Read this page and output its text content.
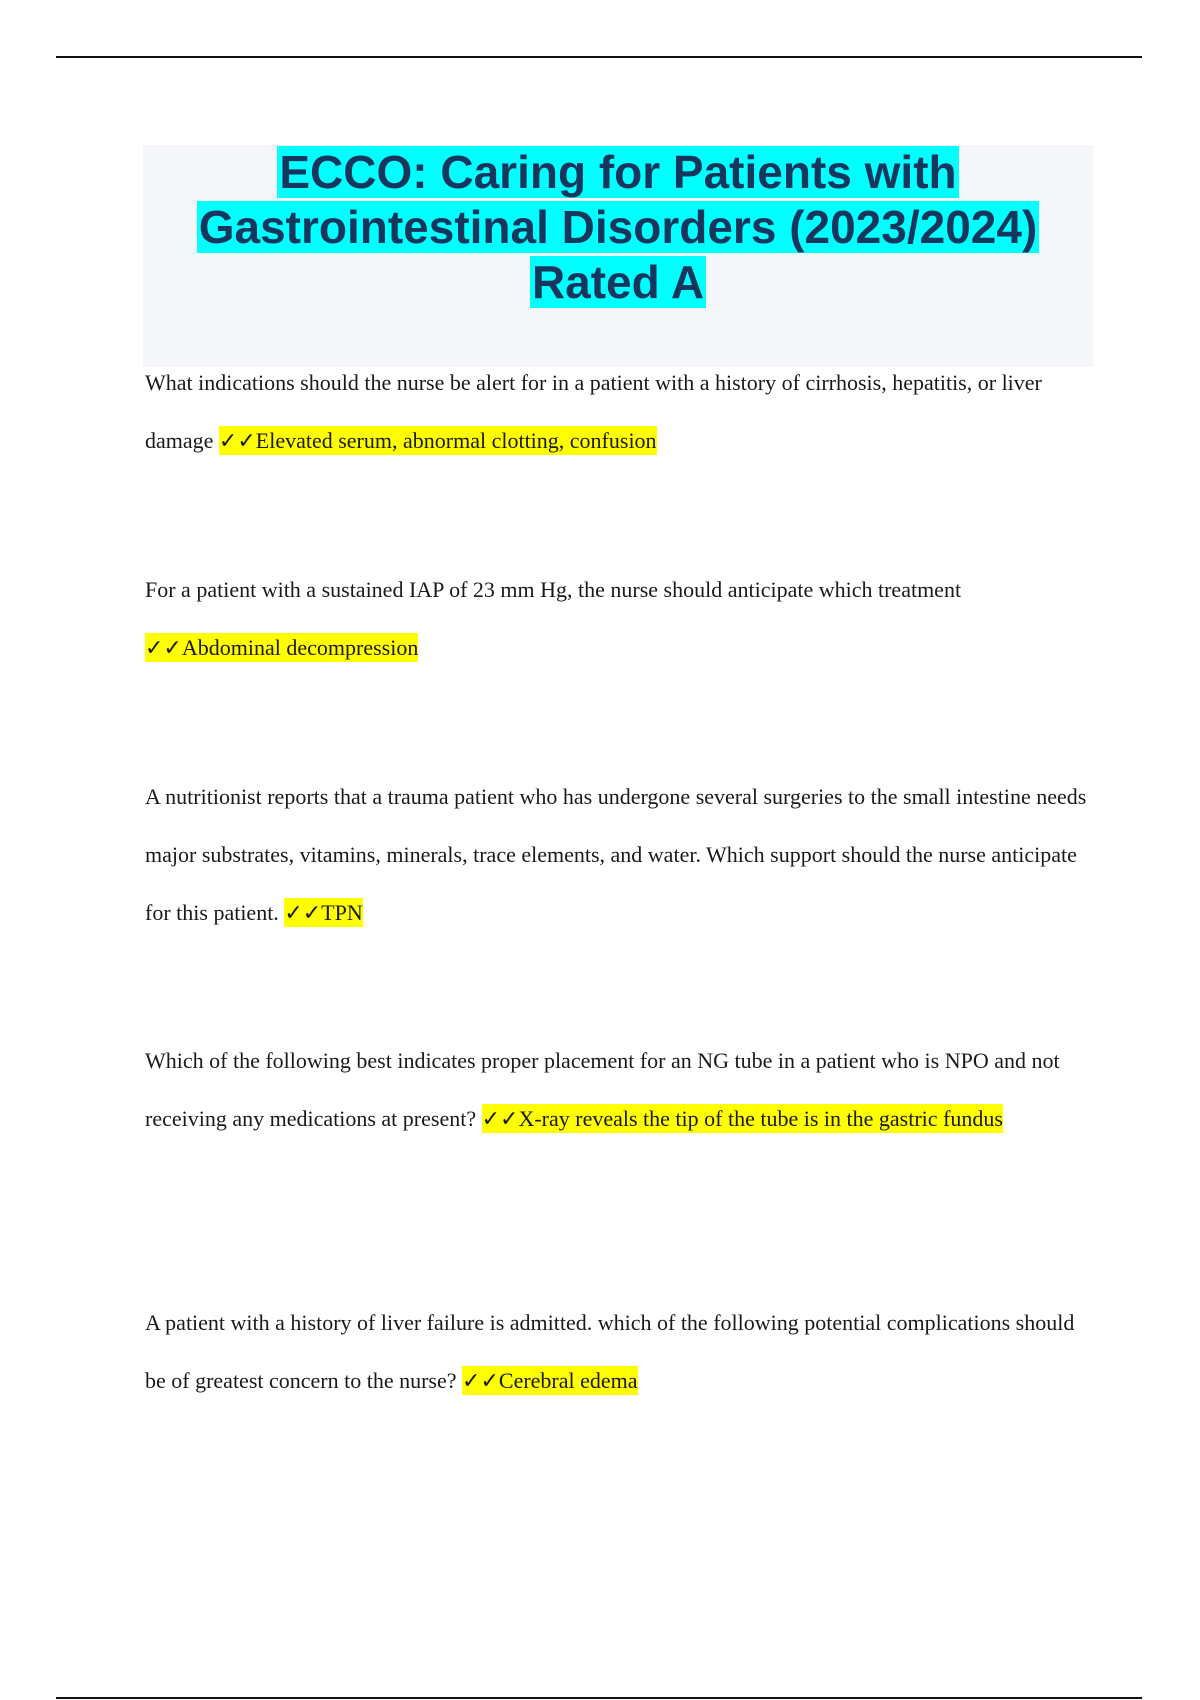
ECCO: Caring for Patients with
Gastrointestinal Disorders (2023/2024)
Rated A

What indications should the nurse be alert for in a patient with a history of cirrhosis, hepatitis, or liver damage ✓✓Elevated serum, abnormal clotting, confusion

For a patient with a sustained IAP of 23 mm Hg, the nurse should anticipate which treatment ✓✓Abdominal decompression

A nutritionist reports that a trauma patient who has undergone several surgeries to the small intestine needs major substrates, vitamins, minerals, trace elements, and water. Which support should the nurse anticipate for this patient. ✓✓TPN

Which of the following best indicates proper placement for an NG tube in a patient who is NPO and not receiving any medications at present? ✓✓X-ray reveals the tip of the tube is in the gastric fundus

A patient with a history of liver failure is admitted. which of the following potential complications should be of greatest concern to the nurse? ✓✓Cerebral edema
